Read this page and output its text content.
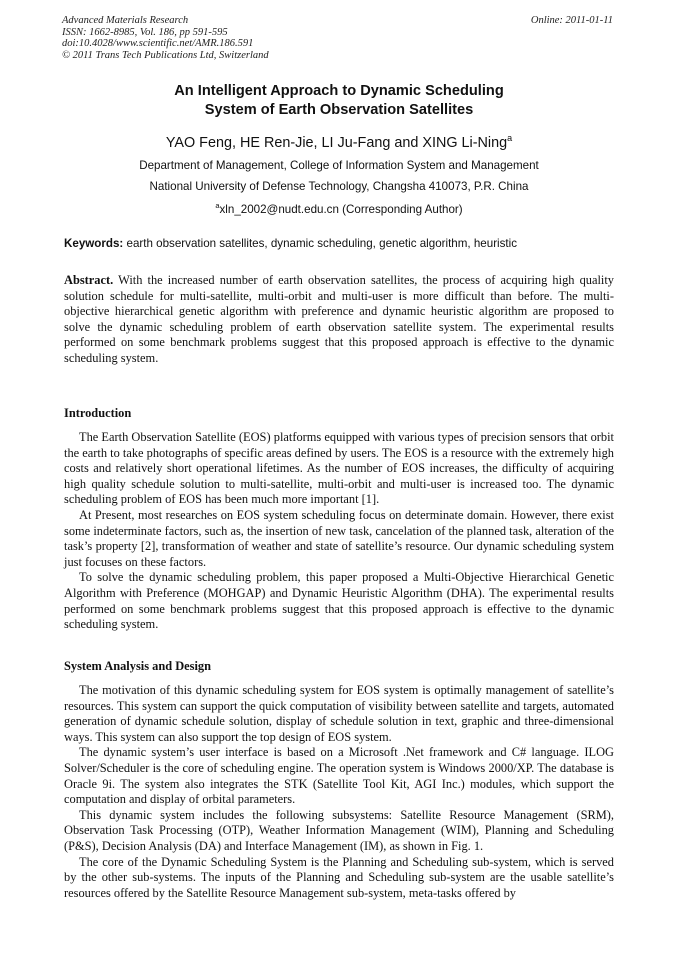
Advanced Materials Research
ISSN: 1662-8985, Vol. 186, pp 591-595
doi:10.4028/www.scientific.net/AMR.186.591
© 2011 Trans Tech Publications Ltd, Switzerland
Online: 2011-01-11
An Intelligent Approach to Dynamic Scheduling
System of Earth Observation Satellites
YAO Feng, HE Ren-Jie, LI Ju-Fang and XING Li-Ning$^a$
Department of Management, College of Information System and Management
National University of Defense Technology, Changsha 410073, P.R. China
$^a$xln_2002@nudt.edu.cn (Corresponding Author)
Keywords: earth observation satellites, dynamic scheduling, genetic algorithm, heuristic

Abstract. With the increased number of earth observation satellites, the process of acquiring high quality solution schedule for multi-satellite, multi-orbit and multi-user is more difficult than before. The multi-objective hierarchical genetic algorithm with preference and dynamic heuristic algorithm are proposed to solve the dynamic scheduling problem of earth observation satellite system. The experimental results performed on some benchmark problems suggest that this proposed approach is effective to the dynamic scheduling system.

Introduction

The Earth Observation Satellite (EOS) platforms equipped with various types of precision sensors that orbit the earth to take photographs of specific areas defined by users. The EOS is a resource with the extremely high costs and relatively short operational lifetimes. As the number of EOS increases, the difficulty of acquiring high quality schedule solution to multi-satellite, multi-orbit and multi-user is increased too. The dynamic scheduling problem of EOS has been much more important [1].

At Present, most researches on EOS system scheduling focus on determinate domain. However, there exist some indeterminate factors, such as, the insertion of new task, cancelation of the planned task, alteration of the task’s property [2], transformation of weather and state of satellite’s resource. Our dynamic scheduling system just focuses on these factors.

To solve the dynamic scheduling problem, this paper proposed a Multi-Objective Hierarchical Genetic Algorithm with Preference (MOHGAP) and Dynamic Heuristic Algorithm (DHA). The experimental results performed on some benchmark problems suggest that this proposed approach is effective to the dynamic scheduling system.

System Analysis and Design

The motivation of this dynamic scheduling system for EOS system is optimally management of satellite’s resources. This system can support the quick computation of visibility between satellite and targets, automated generation of dynamic schedule solution, display of schedule solution in text, graphic and three-dimensional ways. This system can also support the top design of EOS system.

The dynamic system’s user interface is based on a Microsoft .Net framework and C# language. ILOG Solver/Scheduler is the core of scheduling engine. The operation system is Windows 2000/XP. The database is Oracle 9i. The system also integrates the STK (Satellite Tool Kit, AGI Inc.) modules, which support the computation and display of orbital parameters.

This dynamic system includes the following subsystems: Satellite Resource Management (SRM), Observation Task Processing (OTP), Weather Information Management (WIM), Planning and Scheduling (P&S), Decision Analysis (DA) and Interface Management (IM), as shown in Fig. 1.

The core of the Dynamic Scheduling System is the Planning and Scheduling sub-system, which is served by the other sub-systems. The inputs of the Planning and Scheduling sub-system are the usable satellite’s resources offered by the Satellite Resource Management sub-system, meta-tasks offered by
